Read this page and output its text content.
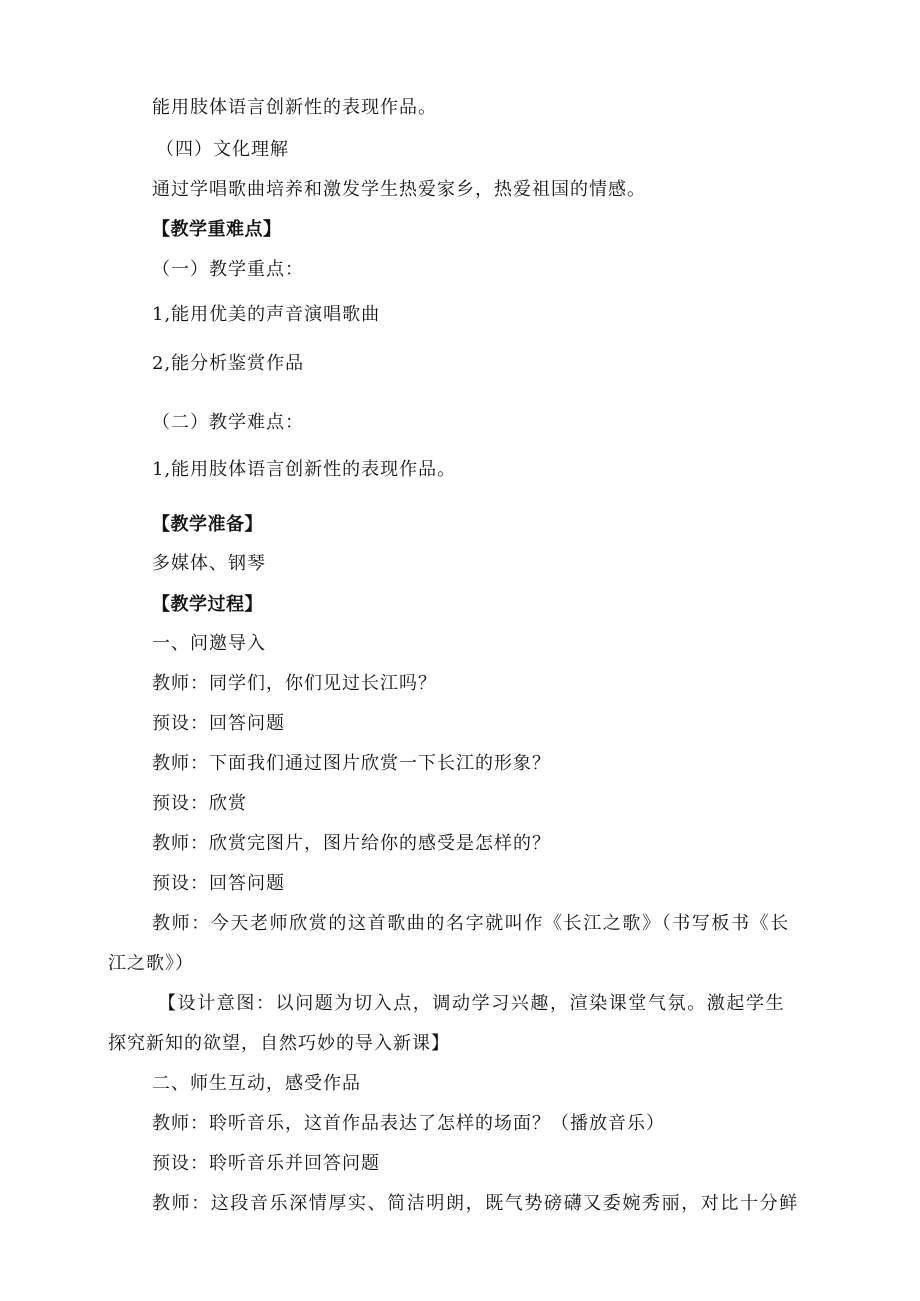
能用肢体语言创新性的表现作品。
（四）文化理解
通过学唱歌曲培养和激发学生热爱家乡，热爱祖国的情感。
【教学重难点】
（一）教学重点：
1,能用优美的声音演唱歌曲
2,能分析鉴赏作品
（二）教学难点：
1,能用肢体语言创新性的表现作品。
【教学准备】
多媒体、钢琴
【教学过程】
一、问邀导入
教师：同学们，你们见过长江吗？
预设：回答问题
教师：下面我们通过图片欣赏一下长江的形象？
预设：欣赏
教师：欣赏完图片，图片给你的感受是怎样的？
预设：回答问题
教师：今天老师欣赏的这首歌曲的名字就叫作《长江之歌》（书写板书《长
江之歌》）
【设计意图：以问题为切入点，调动学习兴趣，渲染课堂气氛。激起学生
探究新知的欲望，自然巧妙的导入新课】
二、师生互动，感受作品
教师：聆听音乐，这首作品表达了怎样的场面？（播放音乐）
预设：聆听音乐并回答问题
教师：这段音乐深情厚实、简洁明朗，既气势磅礴又委婉秀丽，对比十分鲜
